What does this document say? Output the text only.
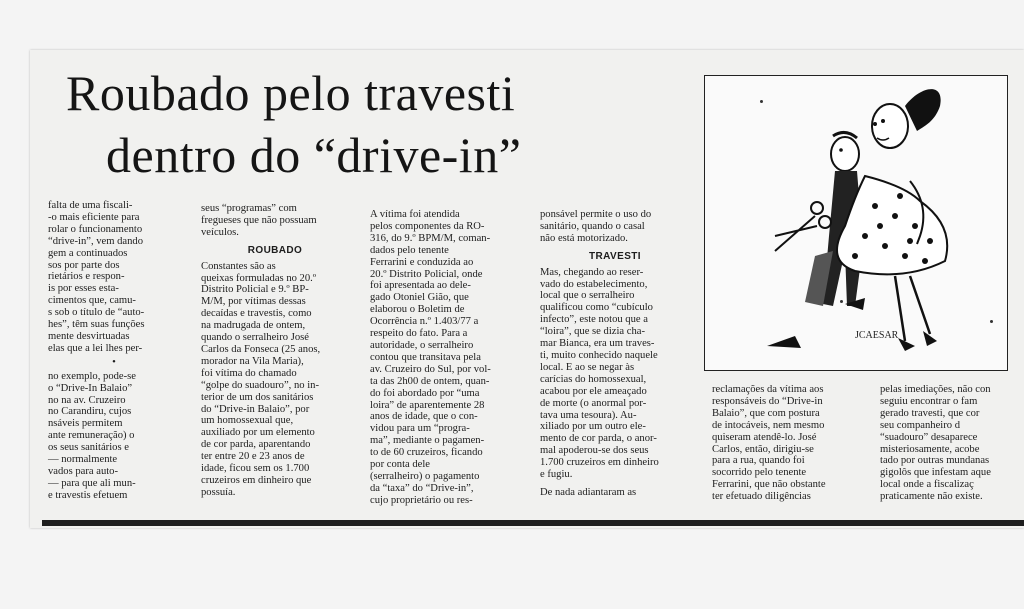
Roubado pelo travesti
dentro do “drive-in”

falta de uma fiscali-
-o mais eficiente para
rolar o funcionamento
“drive-in”, vem dando
gem a continuados
sos por parte dos
rietários e respon-
is por esses esta-
cimentos que, camu-
s sob o título de “auto-
hes”, têm suas funções
mente desvirtuadas
elas que a lei lhes per-

•

no exemplo, pode-se
o “Drive-In Balaio”
no na av. Cruzeiro
no Carandiru, cujos
nsáveis permitem
ante remuneração) o
os seus sanitários e
— normalmente
vados para auto-
— para que ali mun-
e travestis efetuem

seus “programas” com
fregueses que não possuam
veículos.

ROUBADO

Constantes são as
queixas formuladas no 20.º
Distrito Policial e 9.º BP-
M/M, por vítimas dessas
decaídas e travestis, como
na madrugada de ontem,
quando o serralheiro José
Carlos da Fonseca (25 anos,
morador na Vila Maria),
foi vítima do chamado
“golpe do suadouro”, no in-
terior de um dos sanitários
do “Drive-in Balaio”, por
um homossexual que,
auxiliado por um elemento
de cor parda, aparentando
ter entre 20 e 23 anos de
idade, ficou sem os 1.700
cruzeiros em dinheiro que
possuía.

A vítima foi atendida
pelos componentes da RO-
316, do 9.º BPM/M, coman-
dados pelo tenente
Ferrarini e conduzida ao
20.º Distrito Policial, onde
foi apresentada ao dele-
gado Otoniel Gião, que
elaborou o Boletim de
Ocorrência n.º 1.403/77 a
respeito do fato. Para a
autoridade, o serralheiro
contou que transitava pela
av. Cruzeiro do Sul, por vol-
ta das 2h00 de ontem, quan-
do foi abordado por “uma
loira” de aparentemente 28
anos de idade, que o con-
vidou para um “progra-
ma”, mediante o pagamen-
to de 60 cruzeiros, ficando
por conta dele
(serralheiro) o pagamento
da “taxa” do “Drive-in”,
cujo proprietário ou res-

ponsável permite o uso do
sanitário, quando o casal
não está motorizado.

TRAVESTI

Mas, chegando ao reser-
vado do estabelecimento,
local que o serralheiro
qualificou como “cubículo
infecto”, este notou que a
“loira”, que se dizia cha-
mar Bianca, era um traves-
ti, muito conhecido naquele
local. E ao se negar às
carícias do homossexual,
acabou por ele ameaçado
de morte (o anormal por-
tava uma tesoura). Au-
xiliado por um outro ele-
mento de cor parda, o anor-
mal apoderou-se dos seus
1.700 cruzeiros em dinheiro
e fugiu.

De nada adiantaram as

JCAESAR

reclamações da vítima aos
responsáveis do “Drive-in
Balaio”, que com postura
de intocáveis, nem mesmo
quiseram atendê-lo. José
Carlos, então, dirigiu-se
para a rua, quando foi
socorrido pelo tenente
Ferrarini, que não obstante
ter efetuado diligências

pelas imediações, não con
seguiu encontrar o fam
gerado travesti, que cor
seu companheiro d
“suadouro” desaparece
misteriosamente, acobe
tado por outras mundanas
gigolôs que infestam aque
local onde a fiscalizaç
praticamente não existe.
